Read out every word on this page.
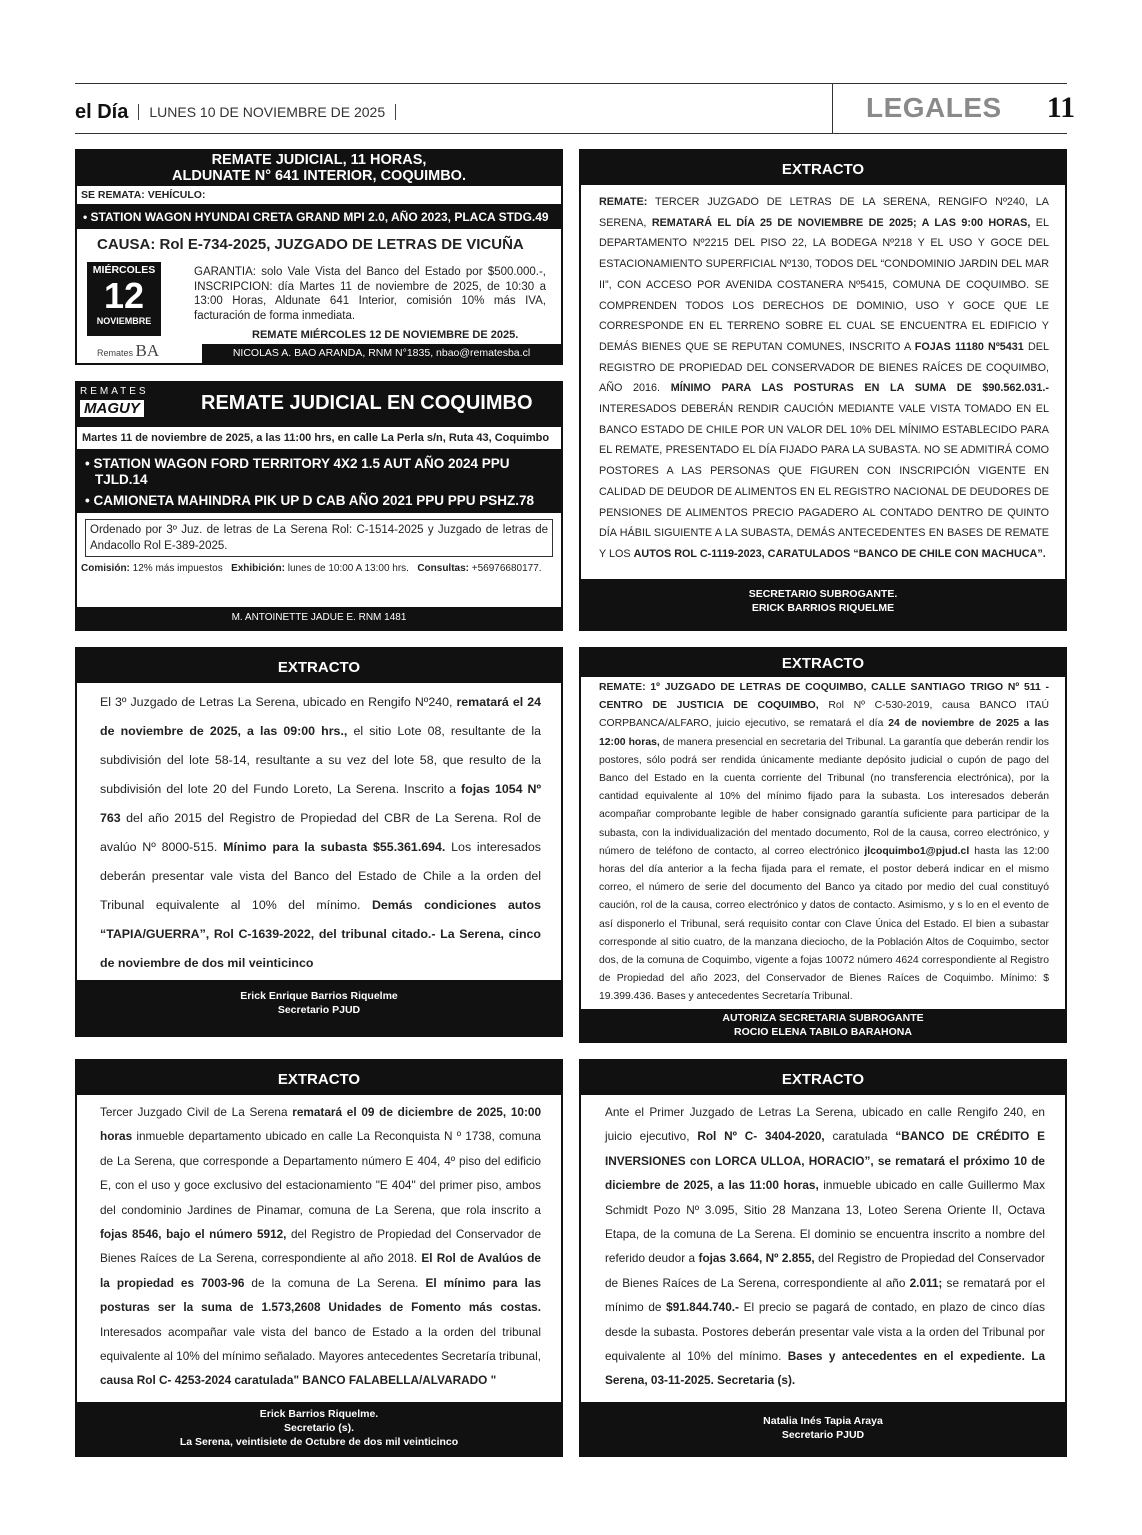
el Día LUNES 10 DE NOVIEMBRE DE 2025	LEGALES 11
REMATE JUDICIAL, 11 HORAS,
ALDUNATE N° 641 INTERIOR, COQUIMBO.
SE REMATA: VEHÍCULO:
• STATION WAGON HYUNDAI CRETA GRAND MPI 2.0, AÑO 2023, PLACA STDG.49
CAUSA: Rol E-734-2025, JUZGADO DE LETRAS DE VICUÑA
MIÉRCOLES
12
NOVIEMBRE
Remates BA
GARANTIA: solo Vale Vista del Banco del Estado por $500.000.-, INSCRIPCION: día Martes 11 de noviembre de 2025, de 10:30 a 13:00 Horas, Aldunate 641 Interior, comisión 10% más IVA, facturación de forma inmediata.
REMATE MIÉRCOLES 12 DE NOVIEMBRE DE 2025.
NICOLAS A. BAO ARANDA, RNM N°1835, nbao@rematesba.cl
REMATES
MAGUY	REMATE JUDICIAL EN COQUIMBO
Martes 11 de noviembre de 2025, a las 11:00 hrs, en calle La Perla s/n, Ruta 43, Coquimbo
• STATION WAGON FORD TERRITORY 4X2 1.5 AUT AÑO 2024 PPU TJLD.14
• CAMIONETA MAHINDRA PIK UP D CAB AÑO 2021 PPU PPU PSHZ.78
Ordenado por 3º Juz. de letras de La Serena Rol: C-1514-2025 y Juzgado de letras de Andacollo Rol E-389-2025.
Comisión: 12% más impuestos Exhibición: lunes de 10:00 A 13:00 hrs. Consultas: +56976680177.
M. ANTOINETTE JADUE E. RNM 1481
EXTRACTO
REMATE: TERCER JUZGADO DE LETRAS DE LA SERENA, RENGIFO Nº240, LA SERENA, REMATARÁ EL DÍA 25 DE NOVIEMBRE DE 2025; A LAS 9:00 HORAS, EL DEPARTAMENTO Nº2215 DEL PISO 22, LA BODEGA Nº218 Y EL USO Y GOCE DEL ESTACIONAMIENTO SUPERFICIAL Nº130, TODOS DEL “CONDOMINIO JARDIN DEL MAR II”, CON ACCESO POR AVENIDA COSTANERA Nº5415, COMUNA DE COQUIMBO. SE COMPRENDEN TODOS LOS DERECHOS DE DOMINIO, USO Y GOCE QUE LE CORRESPONDE EN EL TERRENO SOBRE EL CUAL SE ENCUENTRA EL EDIFICIO Y DEMÁS BIENES QUE SE REPUTAN COMUNES, INSCRITO A FOJAS 11180 Nº5431 DEL REGISTRO DE PROPIEDAD DEL CONSERVADOR DE BIENES RAÍCES DE COQUIMBO, AÑO 2016. MÍNIMO PARA LAS POSTURAS EN LA SUMA DE $90.562.031.- INTERESADOS DEBERÁN RENDIR CAUCIÓN MEDIANTE VALE VISTA TOMADO EN EL BANCO ESTADO DE CHILE POR UN VALOR DEL 10% DEL MÍNIMO ESTABLECIDO PARA EL REMATE, PRESENTADO EL DÍA FIJADO PARA LA SUBASTA. NO SE ADMITIRÁ COMO POSTORES A LAS PERSONAS QUE FIGUREN CON INSCRIPCIÓN VIGENTE EN CALIDAD DE DEUDOR DE ALIMENTOS EN EL REGISTRO NACIONAL DE DEUDORES DE PENSIONES DE ALIMENTOS PRECIO PAGADERO AL CONTADO DENTRO DE QUINTO DÍA HÁBIL SIGUIENTE A LA SUBASTA, DEMÁS ANTECEDENTES EN BASES DE REMATE Y LOS AUTOS ROL C-1119-2023, CARATULADOS “BANCO DE CHILE CON MACHUCA”.
SECRETARIO SUBROGANTE.
ERICK BARRIOS RIQUELME
EXTRACTO
El 3º Juzgado de Letras La Serena, ubicado en Rengifo Nº240, rematará el 24 de noviembre de 2025, a las 09:00 hrs., el sitio Lote 08, resultante de la subdivisión del lote 58-14, resultante a su vez del lote 58, que resulto de la subdivisión del lote 20 del Fundo Loreto, La Serena. Inscrito a fojas 1054 Nº 763 del año 2015 del Registro de Propiedad del CBR de La Serena. Rol de avalúo Nº 8000-515. Mínimo para la subasta $55.361.694. Los interesados deberán presentar vale vista del Banco del Estado de Chile a la orden del Tribunal equivalente al 10% del mínimo. Demás condiciones autos “TAPIA/GUERRA”, Rol C-1639-2022, del tribunal citado.- La Serena, cinco de noviembre de dos mil veinticinco
Erick Enrique Barrios Riquelme
Secretario PJUD
EXTRACTO
REMATE: 1º JUZGADO DE LETRAS DE COQUIMBO, CALLE SANTIAGO TRIGO Nº 511 - CENTRO DE JUSTICIA DE COQUIMBO, Rol Nº C-530-2019, causa BANCO ITAÚ CORPBANCA/ALFARO, juicio ejecutivo, se rematará el día 24 de noviembre de 2025 a las 12:00 horas, de manera presencial en secretaria del Tribunal. La garantía que deberán rendir los postores, sólo podrá ser rendida únicamente mediante depósito judicial o cupón de pago del Banco del Estado en la cuenta corriente del Tribunal (no transferencia electrónica), por la cantidad equivalente al 10% del mínimo fijado para la subasta. Los interesados deberán acompañar comprobante legible de haber consignado garantía suficiente para participar de la subasta, con la individualización del mentado documento, Rol de la causa, correo electrónico, y número de teléfono de contacto, al correo electrónico jlcoquimbo1@pjud.cl hasta las 12:00 horas del día anterior a la fecha fijada para el remate, el postor deberá indicar en el mismo correo, el número de serie del documento del Banco ya citado por medio del cual constituyó caución, rol de la causa, correo electrónico y datos de contacto. Asimismo, y s lo en el evento de así disponerlo el Tribunal, será requisito contar con Clave Única del Estado. El bien a subastar corresponde al sitio cuatro, de la manzana dieciocho, de la Población Altos de Coquimbo, sector dos, de la comuna de Coquimbo, vigente a fojas 10072 número 4624 correspondiente al Registro de Propiedad del año 2023, del Conservador de Bienes Raíces de Coquimbo. Mínimo: $ 19.399.436. Bases y antecedentes Secretaría Tribunal.
AUTORIZA SECRETARIA SUBROGANTE
ROCIO ELENA TABILO BARAHONA
EXTRACTO
Tercer Juzgado Civil de La Serena rematará el 09 de diciembre de 2025, 10:00 horas inmueble departamento ubicado en calle La Reconquista N º 1738, comuna de La Serena, que corresponde a Departamento número E 404, 4º piso del edificio E, con el uso y goce exclusivo del estacionamiento "E 404" del primer piso, ambos del condominio Jardines de Pinamar, comuna de La Serena, que rola inscrito a fojas 8546, bajo el número 5912, del Registro de Propiedad del Conservador de Bienes Raíces de La Serena, correspondiente al año 2018. El Rol de Avalúos de la propiedad es 7003-96 de la comuna de La Serena. El mínimo para las posturas ser la suma de 1.573,2608 Unidades de Fomento más costas. Interesados acompañar vale vista del banco de Estado a la orden del tribunal equivalente al 10% del mínimo señalado. Mayores antecedentes Secretaría tribunal, causa Rol C- 4253-2024 caratulada" BANCO FALABELLA/ALVARADO "
Erick Barrios Riquelme.
Secretario (s).
La Serena, veintisiete de Octubre de dos mil veinticinco
EXTRACTO
Ante el Primer Juzgado de Letras La Serena, ubicado en calle Rengifo 240, en juicio ejecutivo, Rol Nº C- 3404-2020, caratulada “BANCO DE CRÉDITO E INVERSIONES con LORCA ULLOA, HORACIO”, se rematará el próximo 10 de diciembre de 2025, a las 11:00 horas, inmueble ubicado en calle Guillermo Max Schmidt Pozo Nº 3.095, Sitio 28 Manzana 13, Loteo Serena Oriente II, Octava Etapa, de la comuna de La Serena. El dominio se encuentra inscrito a nombre del referido deudor a fojas 3.664, Nº 2.855, del Registro de Propiedad del Conservador de Bienes Raíces de La Serena, correspondiente al año 2.011; se rematará por el mínimo de $91.844.740.- El precio se pagará de contado, en plazo de cinco días desde la subasta. Postores deberán presentar vale vista a la orden del Tribunal por equivalente al 10% del mínimo. Bases y antecedentes en el expediente. La Serena, 03-11-2025. Secretaria (s).
Natalia Inés Tapia Araya
Secretario PJUD
